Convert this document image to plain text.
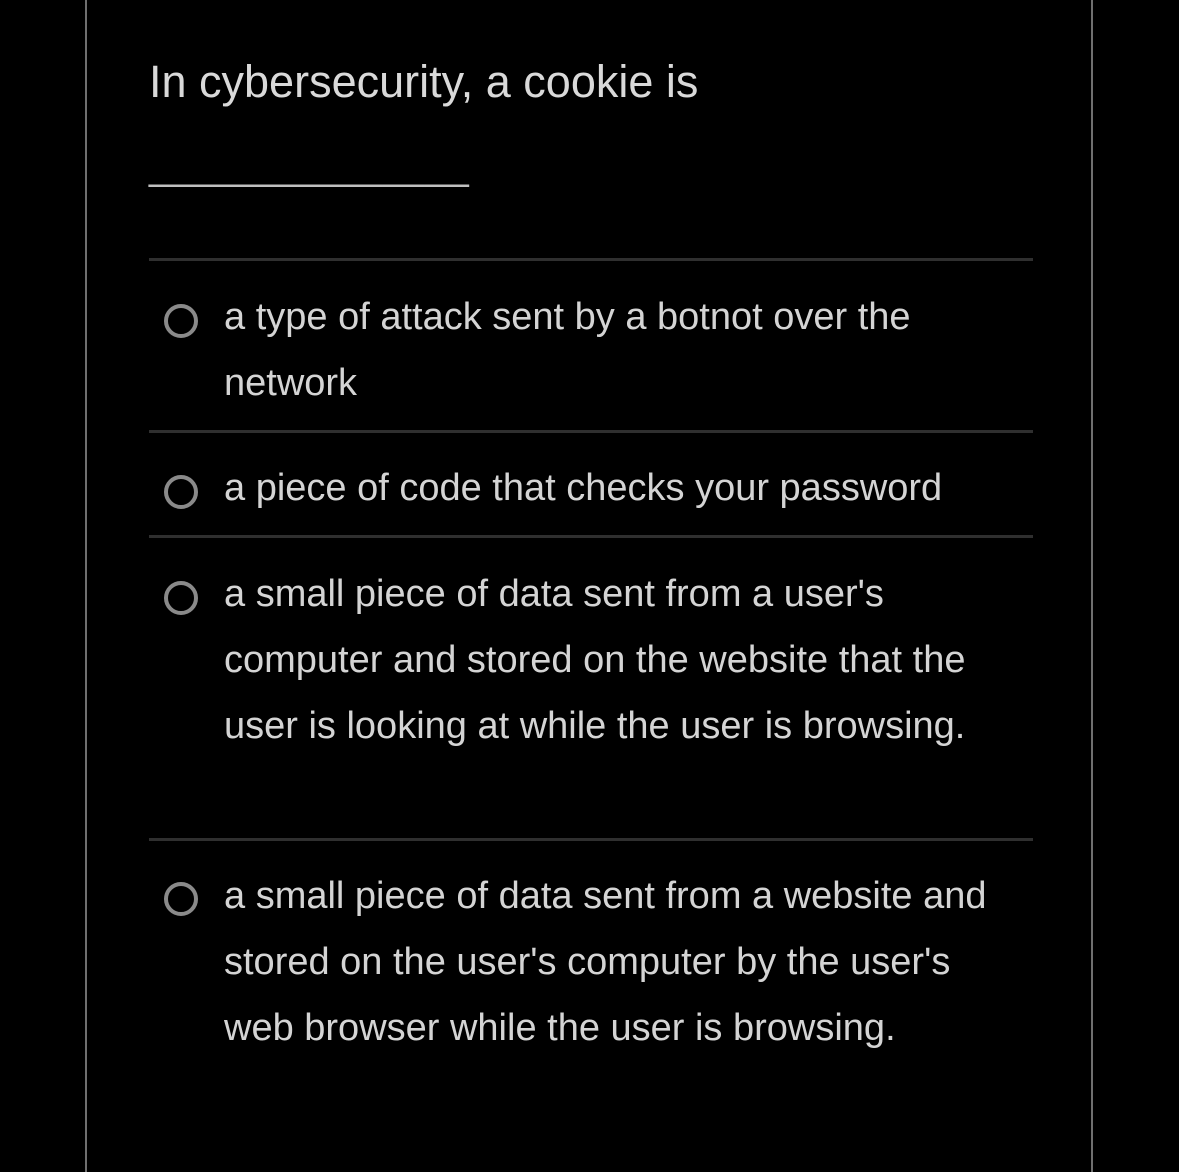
In cybersecurity, a cookie is
_______________
a type of attack sent by a botnot over the network
a piece of code that checks your password
a small piece of data sent from a user's computer and stored on the website that the user is looking at while the user is browsing.
a small piece of data sent from a website and stored on the user's computer by the user's web browser while the user is browsing.
